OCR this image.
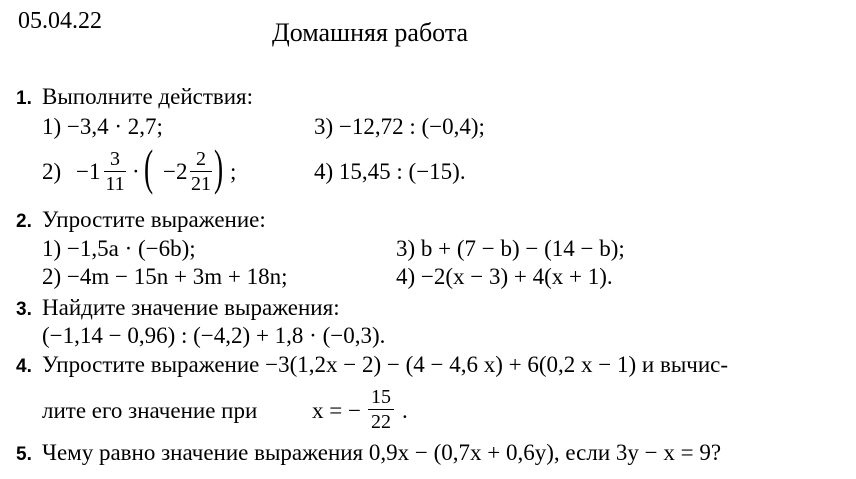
05.04.22	Домашняя работа
1. Выполните действия:
1) −3,4 · 2,7;	3) −12,72 : (−0,4);
2) −1 3
11 · ( −2 2
21 ) ;	4) 15,45 : (−15).
2. Упростите выражение:
1) −1,5a · (−6b);	3) b + (7 − b) − (14 − b);
2) −4m − 15n + 3m + 18n;	4) −2(x − 3) + 4(x + 1).
3. Найдите значение выражения:
(−1,14 − 0,96) : (−4,2) + 1,8 · (−0,3).
4. Упростите выражение −3(1,2x − 2) − (4 − 4,6 x) + 6(0,2 x − 1) и вычис-
лите его значение при x = −
15
22 .
5. Чему равно значение выражения 0,9x − (0,7x + 0,6y), если 3y − x = 9?
